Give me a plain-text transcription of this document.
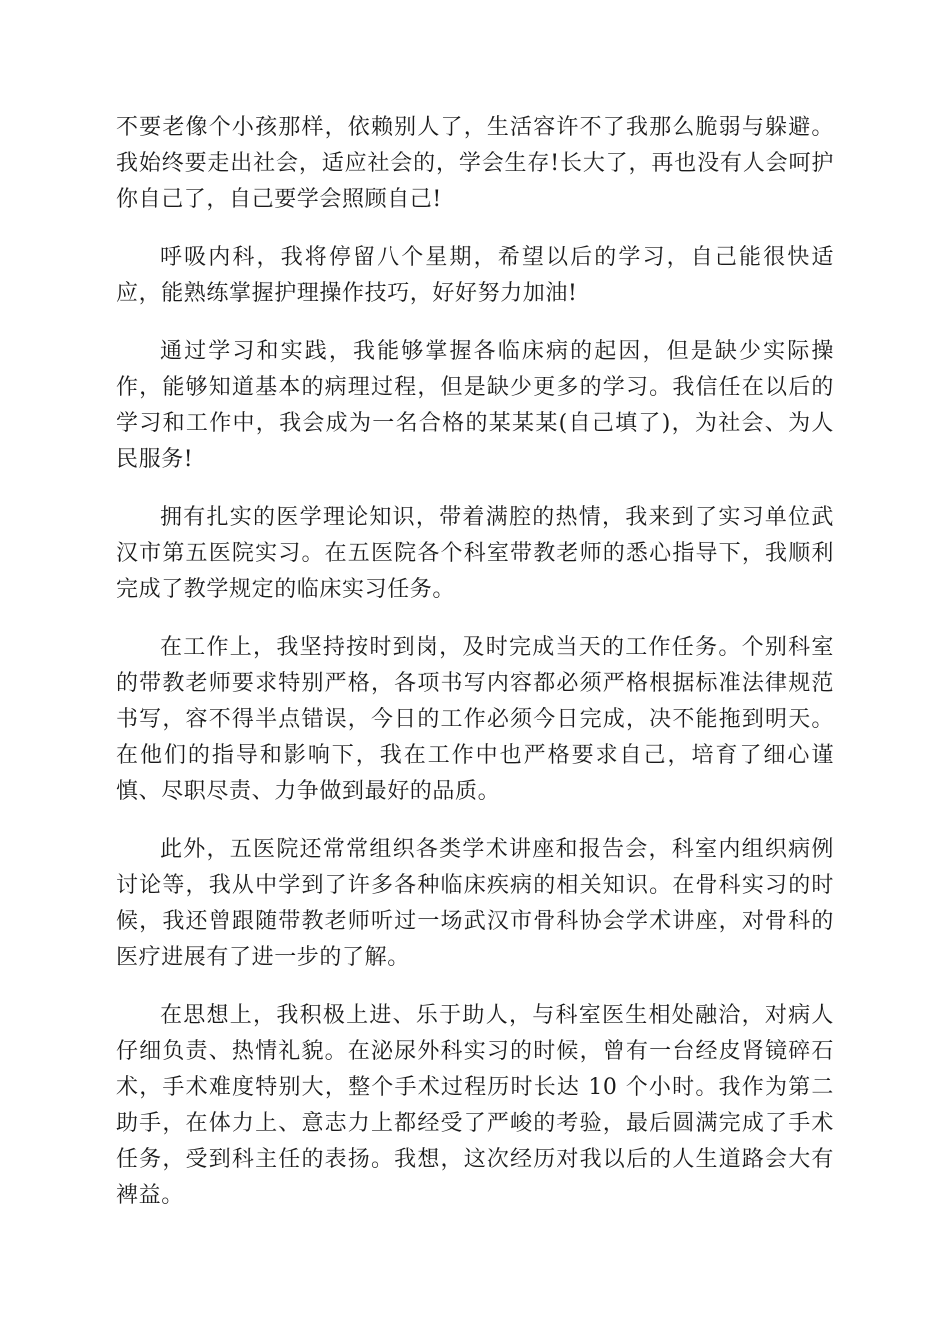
不要老像个小孩那样，依赖别人了，生活容许不了我那么脆弱与躲避。我始终要走出社会，适应社会的，学会生存!长大了，再也没有人会呵护你自己了，自己要学会照顾自己!

呼吸内科，我将停留八个星期，希望以后的学习，自己能很快适应，能熟练掌握护理操作技巧，好好努力加油!

通过学习和实践，我能够掌握各临床病的起因，但是缺少实际操作，能够知道基本的病理过程，但是缺少更多的学习。我信任在以后的学习和工作中，我会成为一名合格的某某某(自己填了)，为社会、为人民服务!

拥有扎实的医学理论知识，带着满腔的热情，我来到了实习单位武汉市第五医院实习。在五医院各个科室带教老师的悉心指导下，我顺利完成了教学规定的临床实习任务。

在工作上，我坚持按时到岗，及时完成当天的工作任务。个别科室的带教老师要求特别严格，各项书写内容都必须严格根据标准法律规范书写，容不得半点错误，今日的工作必须今日完成，决不能拖到明天。在他们的指导和影响下，我在工作中也严格要求自己，培育了细心谨慎、尽职尽责、力争做到最好的品质。

此外，五医院还常常组织各类学术讲座和报告会，科室内组织病例讨论等，我从中学到了许多各种临床疾病的相关知识。在骨科实习的时候，我还曾跟随带教老师听过一场武汉市骨科协会学术讲座，对骨科的医疗进展有了进一步的了解。

在思想上，我积极上进、乐于助人，与科室医生相处融洽，对病人仔细负责、热情礼貌。在泌尿外科实习的时候，曾有一台经皮肾镜碎石术，手术难度特别大，整个手术过程历时长达 10 个小时。我作为第二助手，在体力上、意志力上都经受了严峻的考验，最后圆满完成了手术任务，受到科主任的表扬。我想，这次经历对我以后的人生道路会大有裨益。
